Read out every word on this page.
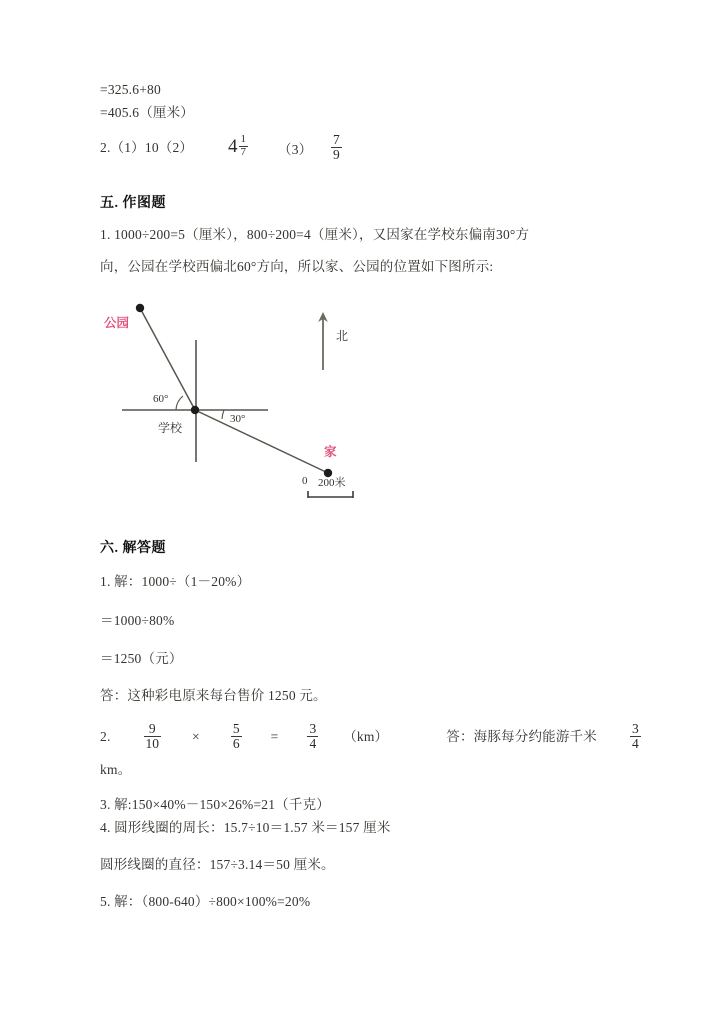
=325.6+80
=405.6（厘米）
2.（1）10（2） $4 \frac{1}{7} (3) \frac{7}{9}$
五. 作图题
1. 1000÷200=5（厘米），800÷200=4（厘米），又因家在学校东偏南30°方
向，公园在学校西偏北60°方向，所以家、公园的位置如下图所示:
公园
学校
家
北
60°
30°
0 200米
六. 解答题
1. 解：1000÷（1－20%）
＝1000÷80%
＝1250（元）
答：这种彩电原来每台售价 1250 元。
2. $\frac{9}{10} \times \frac{5}{6} = \frac{3}{4} (km)$	答：海豚每分约能游千米 $\frac{3}{4}$
km。
3. 解:150×40%－150×26%=21（千克）
4. 圆形线圈的周长：15.7÷10＝1.57 米＝157 厘米
圆形线圈的直径：157÷3.14＝50 厘米。
5. 解：（800-640）÷800×100%=20%
